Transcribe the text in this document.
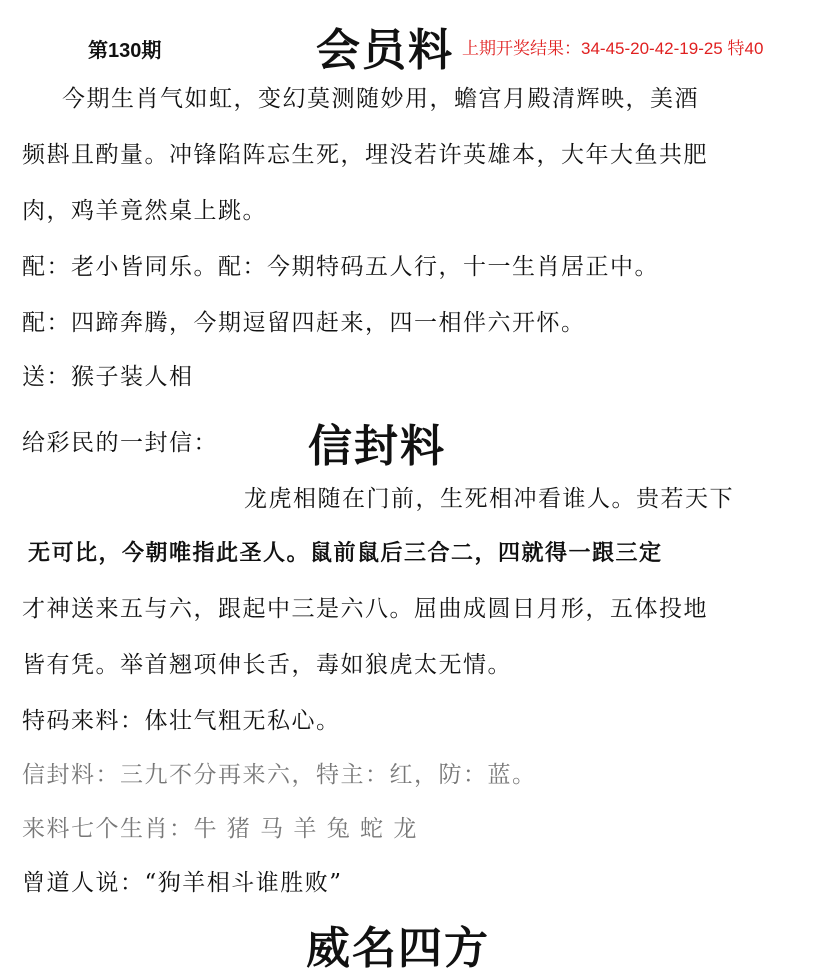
第130期	会员料 上期开奖结果：34-45-20-42-19-25 特40
今期生肖气如虹，变幻莫测随妙用，蟾宫月殿清辉映，美酒
频斟且酌量。冲锋陷阵忘生死，埋没若许英雄本，大年大鱼共肥
肉，鸡羊竟然桌上跳。
配：老小皆同乐。配：今期特码五人行，十一生肖居正中。
配：四蹄奔腾，今期逗留四赶来，四一相伴六开怀。
送：猴子装人相
给彩民的一封信： 信封料
龙虎相随在门前，生死相冲看谁人。贵若天下
无可比，今朝唯指此圣人。鼠前鼠后三合二，四就得一跟三定
才神送来五与六，跟起中三是六八。屈曲成圆日月形，五体投地
皆有凭。举首翘项伸长舌，毒如狼虎太无情。
特码来料：体壮气粗无私心。
信封料：三九不分再来六，特主：红，防：蓝。
来料七个生肖：牛 猪 马 羊 兔 蛇 龙
曾道人说：“狗羊相斗谁胜败”
威名四方
